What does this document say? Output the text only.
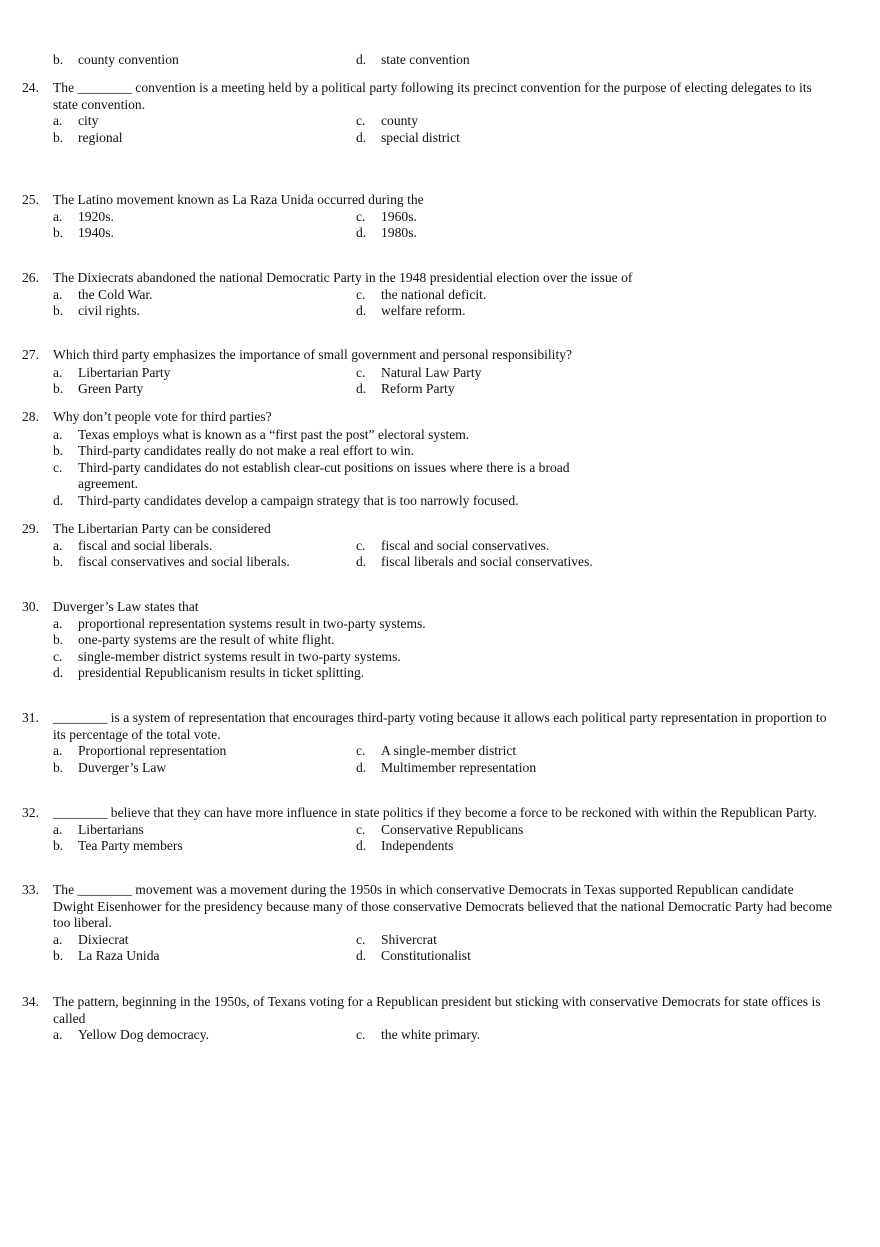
b.	county convention	d.	state convention
24.	The ________ convention is a meeting held by a political party following its precinct convention for the purpose of electing delegates to its state convention.
a.	city	c.	county
b.	regional	d.	special district
25.	The Latino movement known as La Raza Unida occurred during the
a.	1920s.	c.	1960s.
b.	1940s.	d.	1980s.
26.	The Dixiecrats abandoned the national Democratic Party in the 1948 presidential election over the issue of
a.	the Cold War.	c.	the national deficit.
b.	civil rights.	d.	welfare reform.
27.	Which third party emphasizes the importance of small government and personal responsibility?
a.	Libertarian Party	c.	Natural Law Party
b.	Green Party	d.	Reform Party
28.	Why don’t people vote for third parties?
a.	Texas employs what is known as a “first past the post” electoral system.
b.	Third-party candidates really do not make a real effort to win.
c.	Third-party candidates do not establish clear-cut positions on issues where there is a broad agreement.
d.	Third-party candidates develop a campaign strategy that is too narrowly focused.
29.	The Libertarian Party can be considered
a.	fiscal and social liberals.	c.	fiscal and social conservatives.
b.	fiscal conservatives and social liberals.	d.	fiscal liberals and social conservatives.
30.	Duverger’s Law states that
a.	proportional representation systems result in two-party systems.
b.	one-party systems are the result of white flight.
c.	single-member district systems result in two-party systems.
d.	presidential Republicanism results in ticket splitting.
31.	________ is a system of representation that encourages third-party voting because it allows each political party representation in proportion to its percentage of the total vote.
a.	Proportional representation	c.	A single-member district
b.	Duverger’s Law	d.	Multimember representation
32.	________ believe that they can have more influence in state politics if they become a force to be reckoned with within the Republican Party.
a.	Libertarians	c.	Conservative Republicans
b.	Tea Party members	d.	Independents
33.	The ________ movement was a movement during the 1950s in which conservative Democrats in Texas supported Republican candidate Dwight Eisenhower for the presidency because many of those conservative Democrats believed that the national Democratic Party had become too liberal.
a.	Dixiecrat	c.	Shivercrat
b.	La Raza Unida	d.	Constitutionalist
34.	The pattern, beginning in the 1950s, of Texans voting for a Republican president but sticking with conservative Democrats for state offices is called
a.	Yellow Dog democracy.	c.	the white primary.
